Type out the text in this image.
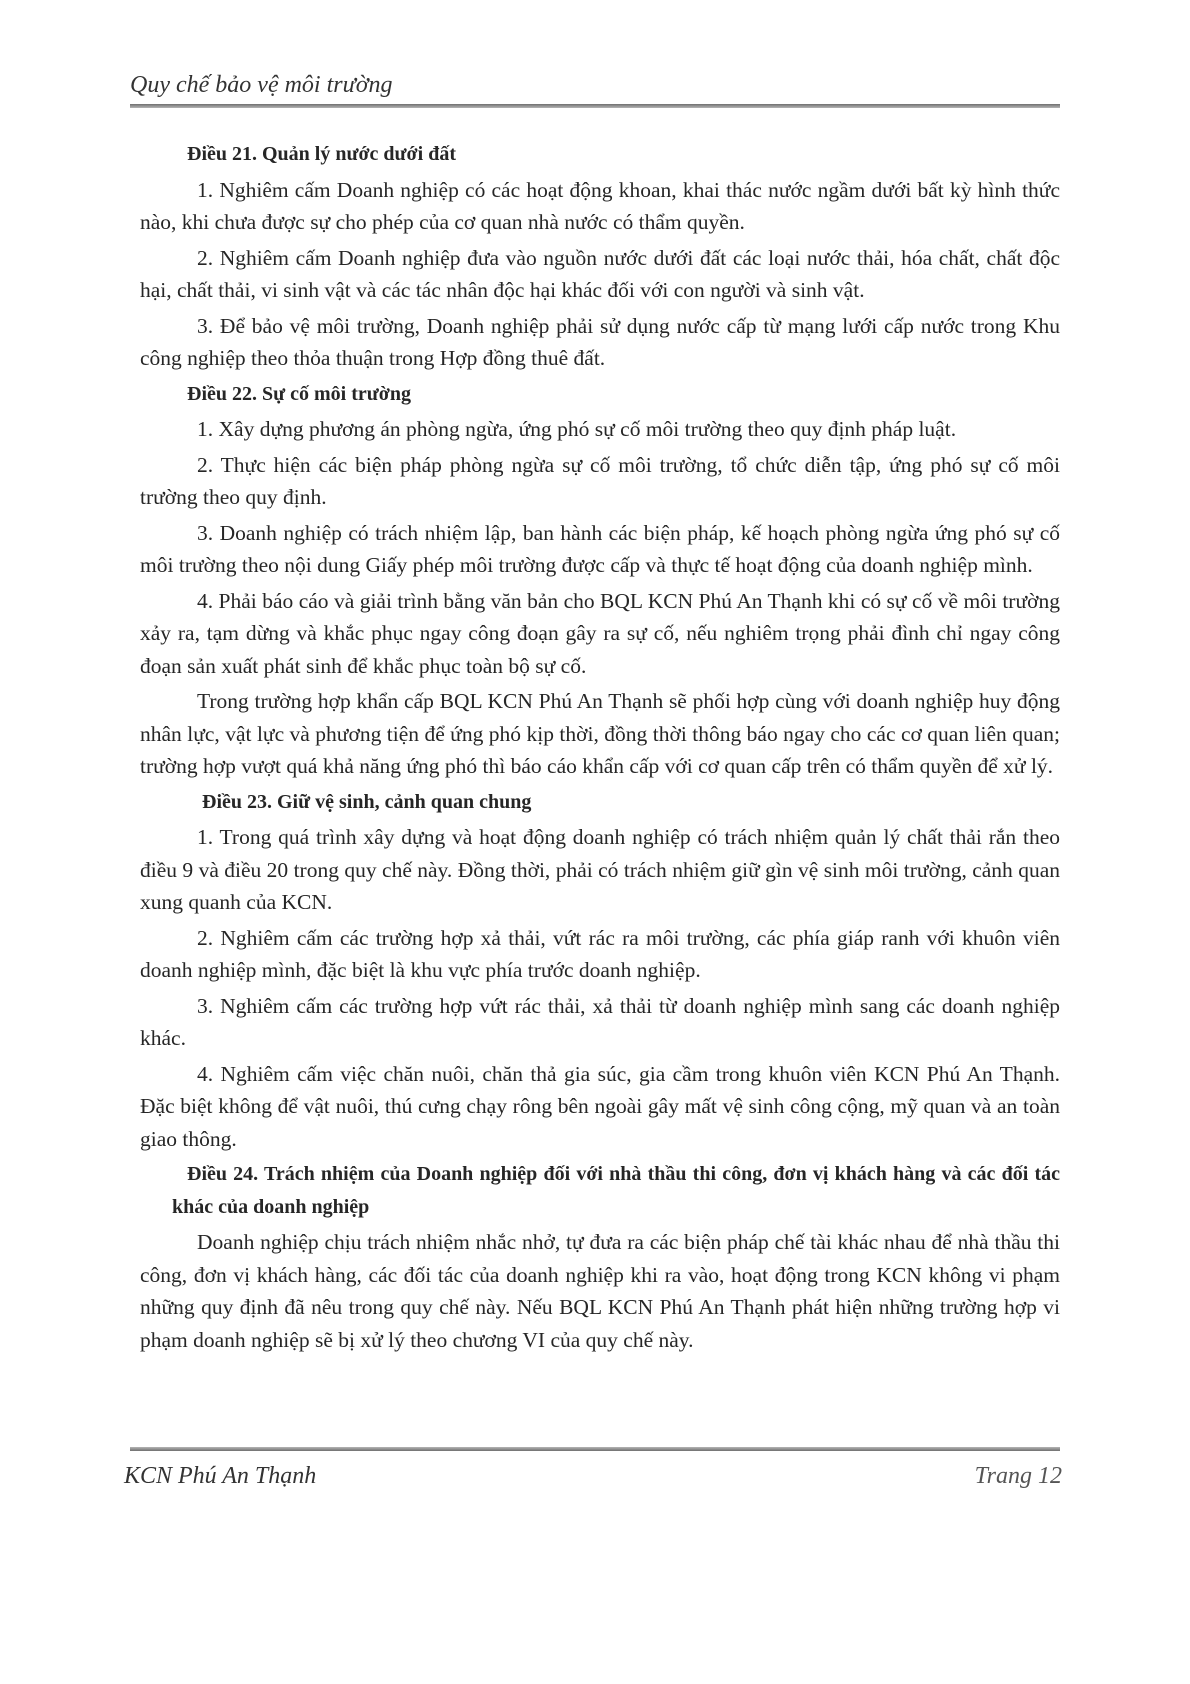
Quy chế bảo vệ môi trường
Điều 21. Quản lý nước dưới đất

1. Nghiêm cấm Doanh nghiệp có các hoạt động khoan, khai thác nước ngầm dưới bất kỳ hình thức nào, khi chưa được sự cho phép của cơ quan nhà nước có thẩm quyền.

2. Nghiêm cấm Doanh nghiệp đưa vào nguồn nước dưới đất các loại nước thải, hóa chất, chất độc hại, chất thải, vi sinh vật và các tác nhân độc hại khác đối với con người và sinh vật.

3. Để bảo vệ môi trường, Doanh nghiệp phải sử dụng nước cấp từ mạng lưới cấp nước trong Khu công nghiệp theo thỏa thuận trong Hợp đồng thuê đất.

Điều 22. Sự cố môi trường

1. Xây dựng phương án phòng ngừa, ứng phó sự cố môi trường theo quy định pháp luật.

2. Thực hiện các biện pháp phòng ngừa sự cố môi trường, tổ chức diễn tập, ứng phó sự cố môi trường theo quy định.

3. Doanh nghiệp có trách nhiệm lập, ban hành các biện pháp, kế hoạch phòng ngừa ứng phó sự cố môi trường theo nội dung Giấy phép môi trường được cấp và thực tế hoạt động của doanh nghiệp mình.

4. Phải báo cáo và giải trình bằng văn bản cho BQL KCN Phú An Thạnh khi có sự cố về môi trường xảy ra, tạm dừng và khắc phục ngay công đoạn gây ra sự cố, nếu nghiêm trọng phải đình chỉ ngay công đoạn sản xuất phát sinh để khắc phục toàn bộ sự cố.

Trong trường hợp khẩn cấp BQL KCN Phú An Thạnh sẽ phối hợp cùng với doanh nghiệp huy động nhân lực, vật lực và phương tiện để ứng phó kịp thời, đồng thời thông báo ngay cho các cơ quan liên quan; trường hợp vượt quá khả năng ứng phó thì báo cáo khẩn cấp với cơ quan cấp trên có thẩm quyền để xử lý.

Điều 23. Giữ vệ sinh, cảnh quan chung

1. Trong quá trình xây dựng và hoạt động doanh nghiệp có trách nhiệm quản lý chất thải rắn theo điều 9 và điều 20 trong quy chế này. Đồng thời, phải có trách nhiệm giữ gìn vệ sinh môi trường, cảnh quan xung quanh của KCN.

2. Nghiêm cấm các trường hợp xả thải, vứt rác ra môi trường, các phía giáp ranh với khuôn viên doanh nghiệp mình, đặc biệt là khu vực phía trước doanh nghiệp.

3. Nghiêm cấm các trường hợp vứt rác thải, xả thải từ doanh nghiệp mình sang các doanh nghiệp khác.

4. Nghiêm cấm việc chăn nuôi, chăn thả gia súc, gia cầm trong khuôn viên KCN Phú An Thạnh. Đặc biệt không để vật nuôi, thú cưng chạy rông bên ngoài gây mất vệ sinh công cộng, mỹ quan và an toàn giao thông.

Điều 24. Trách nhiệm của Doanh nghiệp đối với nhà thầu thi công, đơn vị khách hàng và các đối tác khác của doanh nghiệp

Doanh nghiệp chịu trách nhiệm nhắc nhở, tự đưa ra các biện pháp chế tài khác nhau để nhà thầu thi công, đơn vị khách hàng, các đối tác của doanh nghiệp khi ra vào, hoạt động trong KCN không vi phạm những quy định đã nêu trong quy chế này. Nếu BQL KCN Phú An Thạnh phát hiện những trường hợp vi phạm doanh nghiệp sẽ bị xử lý theo chương VI của quy chế này.

KCN Phú An Thạnh	Trang 12
